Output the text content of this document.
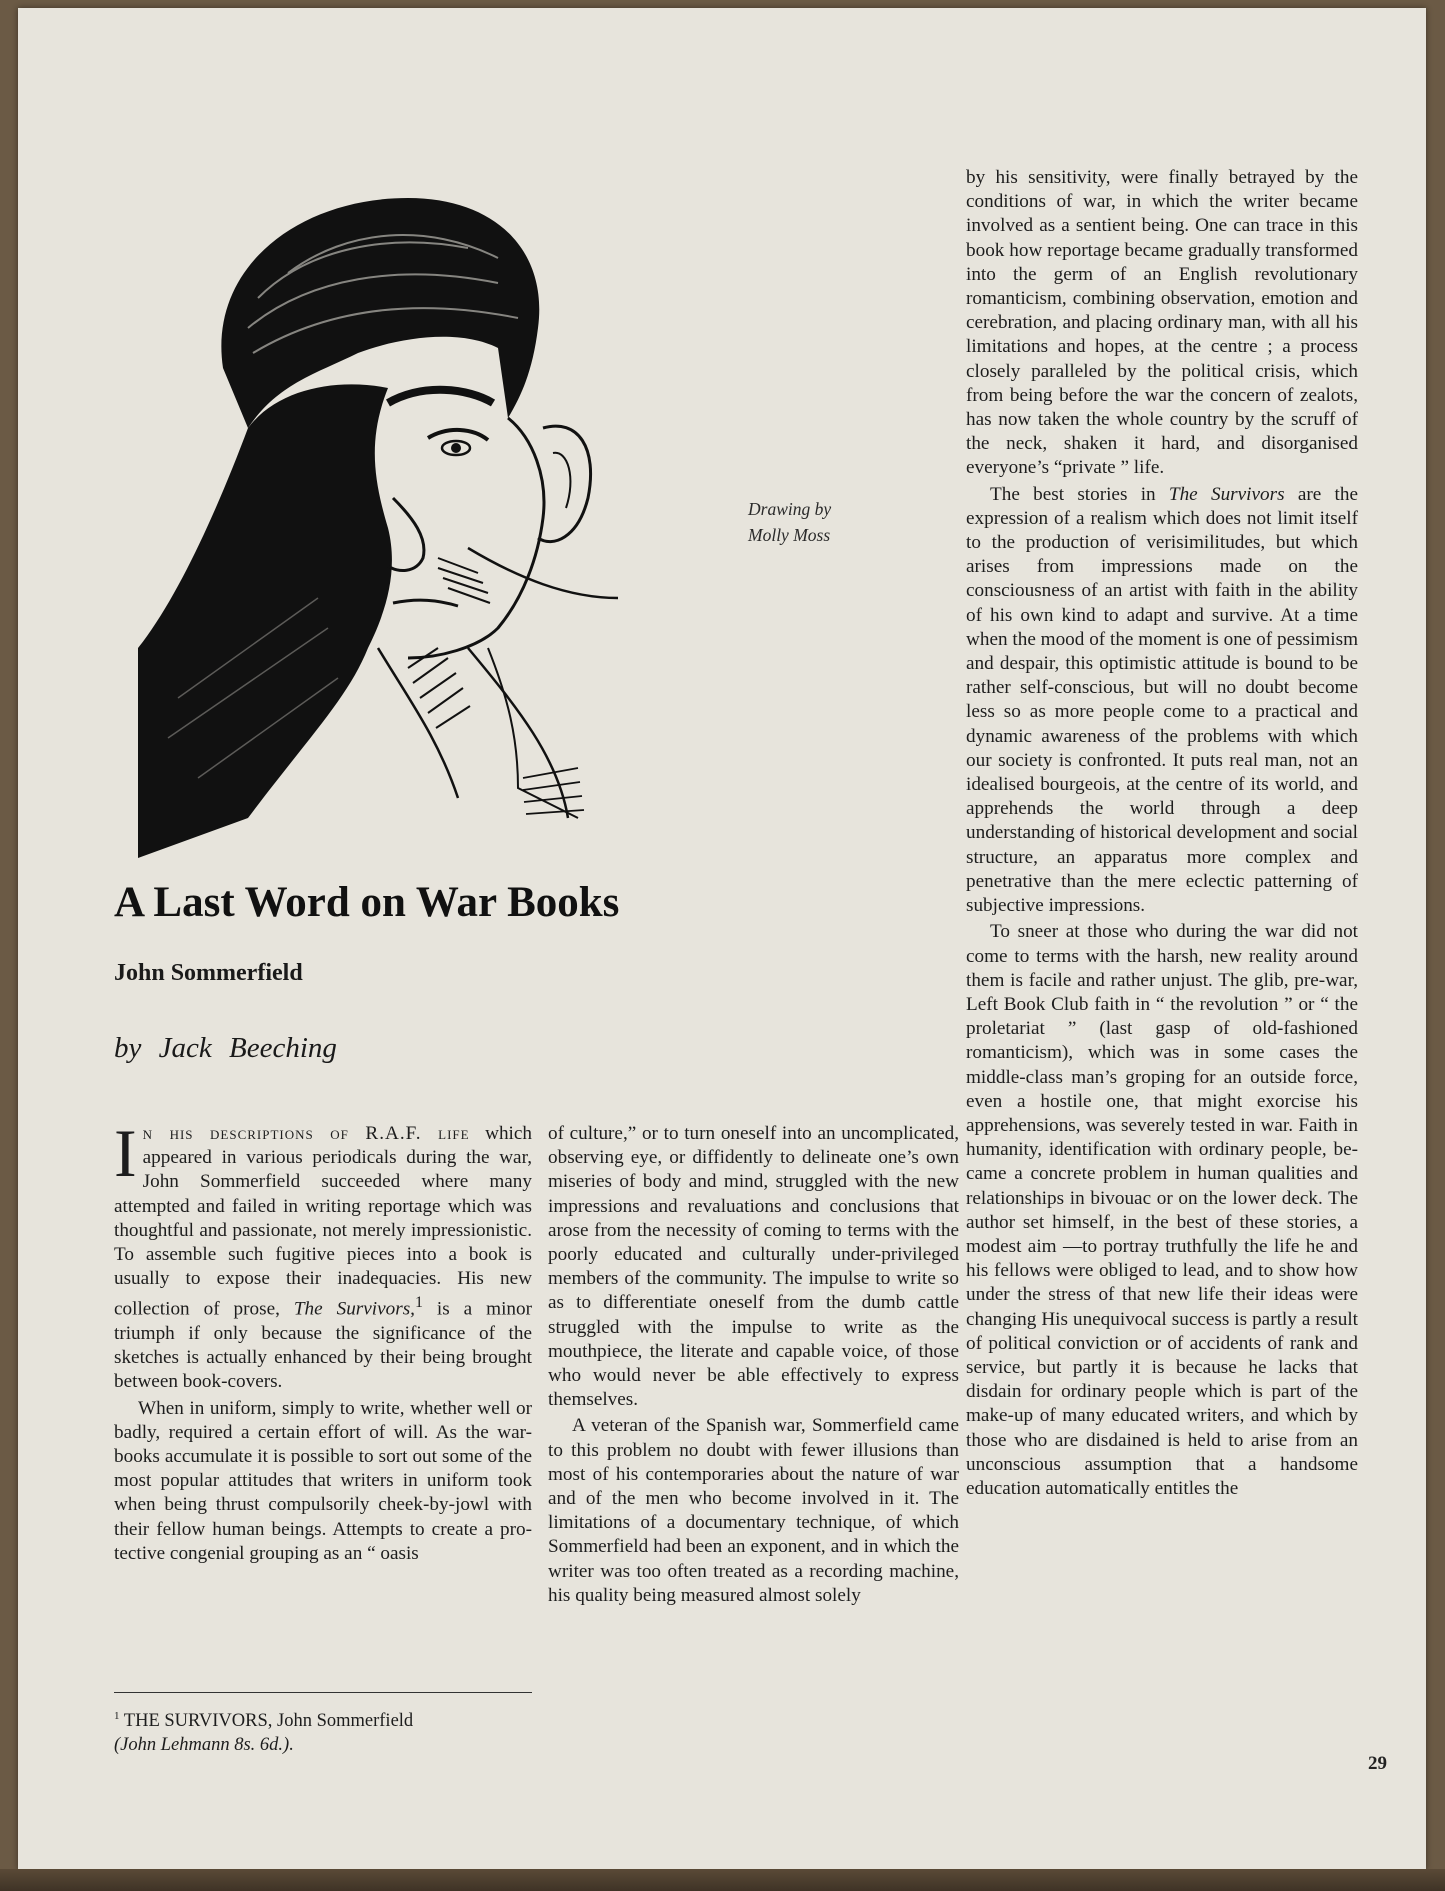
Drawing by
Molly Moss
A Last Word on War Books
John Sommerfield
by Jack Beeching

by his sensitivity, were finally betrayed by the conditions of war, in which the writer became involved as a sentient being. One can trace in this book how reportage became gradually transformed into the germ of an English revolutionary romanticism, combining observation, emotion and cerebration, and placing ordinary man, with all his limitations and hopes, at the centre ; a process closely paralleled by the political crisis, which from being before the war the concern of zealots, has now taken the whole country by the scruff of the neck, shaken it hard, and disorganised everyone’s “private ” life.

The best stories in The Survivors are the expression of a realism which does not limit itself to the production of verisimilitudes, but which arises from impressions made on the consciousness of an artist with faith in the ability of his own kind to adapt and survive. At a time when the mood of the moment is one of pessimism and despair, this optimistic attitude is bound to be rather self-conscious, but will no doubt become less so as more people come to a practical and dynamic awareness of the problems with which our society is confronted. It puts real man, not an idealised bourgeois, at the centre of its world, and apprehends the world through a deep understanding of historical development and social structure, an apparatus more complex and penetrative than the mere eclectic patterning of subjective impressions.

To sneer at those who during the war did not come to terms with the harsh, new reality around them is facile and rather unjust. The glib, pre-war, Left Book Club faith in “ the revolution ” or “ the proletariat ” (last gasp of old-fashioned romanticism), which was in some cases the middle-class man’s groping for an outside force, even a hostile one, that might exorcise his apprehensions, was severely tested in war. Faith in humanity, identification with ordinary people, became a concrete problem in human qualities and relationships in bivouac or on the lower deck. The author set himself, in the best of these stories, a modest aim —to portray truthfully the life he and his fellows were obliged to lead, and to show how under the stress of that new life their ideas were changing His unequivocal success is partly a result of political conviction or of accidents of rank and service, but partly it is because he lacks that disdain for ordinary people which is part of the make-up of many educated writers, and which by those who are disdained is held to arise from an unconscious assumption that a handsome education automatically entitles the

In his descriptions of R.A.F. life which appeared in various periodicals during the war, John Sommerfield succeeded where many attempted and failed in writing reportage which was thoughtful and passionate, not merely impressionistic. To assemble such fugitive pieces into a book is usually to expose their inadequacies. His new collection of prose, The Survivors,$^1$ is a minor triumph if only because the significance of the sketches is actually enhanced by their being brought between book-covers.

When in uniform, simply to write, whether well or badly, required a certain effort of will. As the war-books accumulate it is possible to sort out some of the most popular attitudes that writers in uniform took when being thrust compulsorily cheek-by-jowl with their fellow human beings. Attempts to create a protective congenial grouping as an “ oasis

of culture,” or to turn oneself into an uncomplicated, observing eye, or diffidently to delineate one’s own miseries of body and mind, struggled with the new impressions and revaluations and conclusions that arose from the necessity of coming to terms with the poorly educated and culturally under-privileged members of the community. The impulse to write so as to differentiate oneself from the dumb cattle struggled with the impulse to write as the mouthpiece, the literate and capable voice, of those who would never be able effectively to express themselves.

A veteran of the Spanish war, Sommerfield came to this problem no doubt with fewer illusions than most of his contemporaries about the nature of war and of the men who become involved in it. The limitations of a documentary technique, of which Sommerfield had been an exponent, and in which the writer was too often treated as a recording machine, his quality being measured almost solely

$^1$ THE SURVIVORS, John Sommerfield
(John Lehmann 8s. 6d.).
29
